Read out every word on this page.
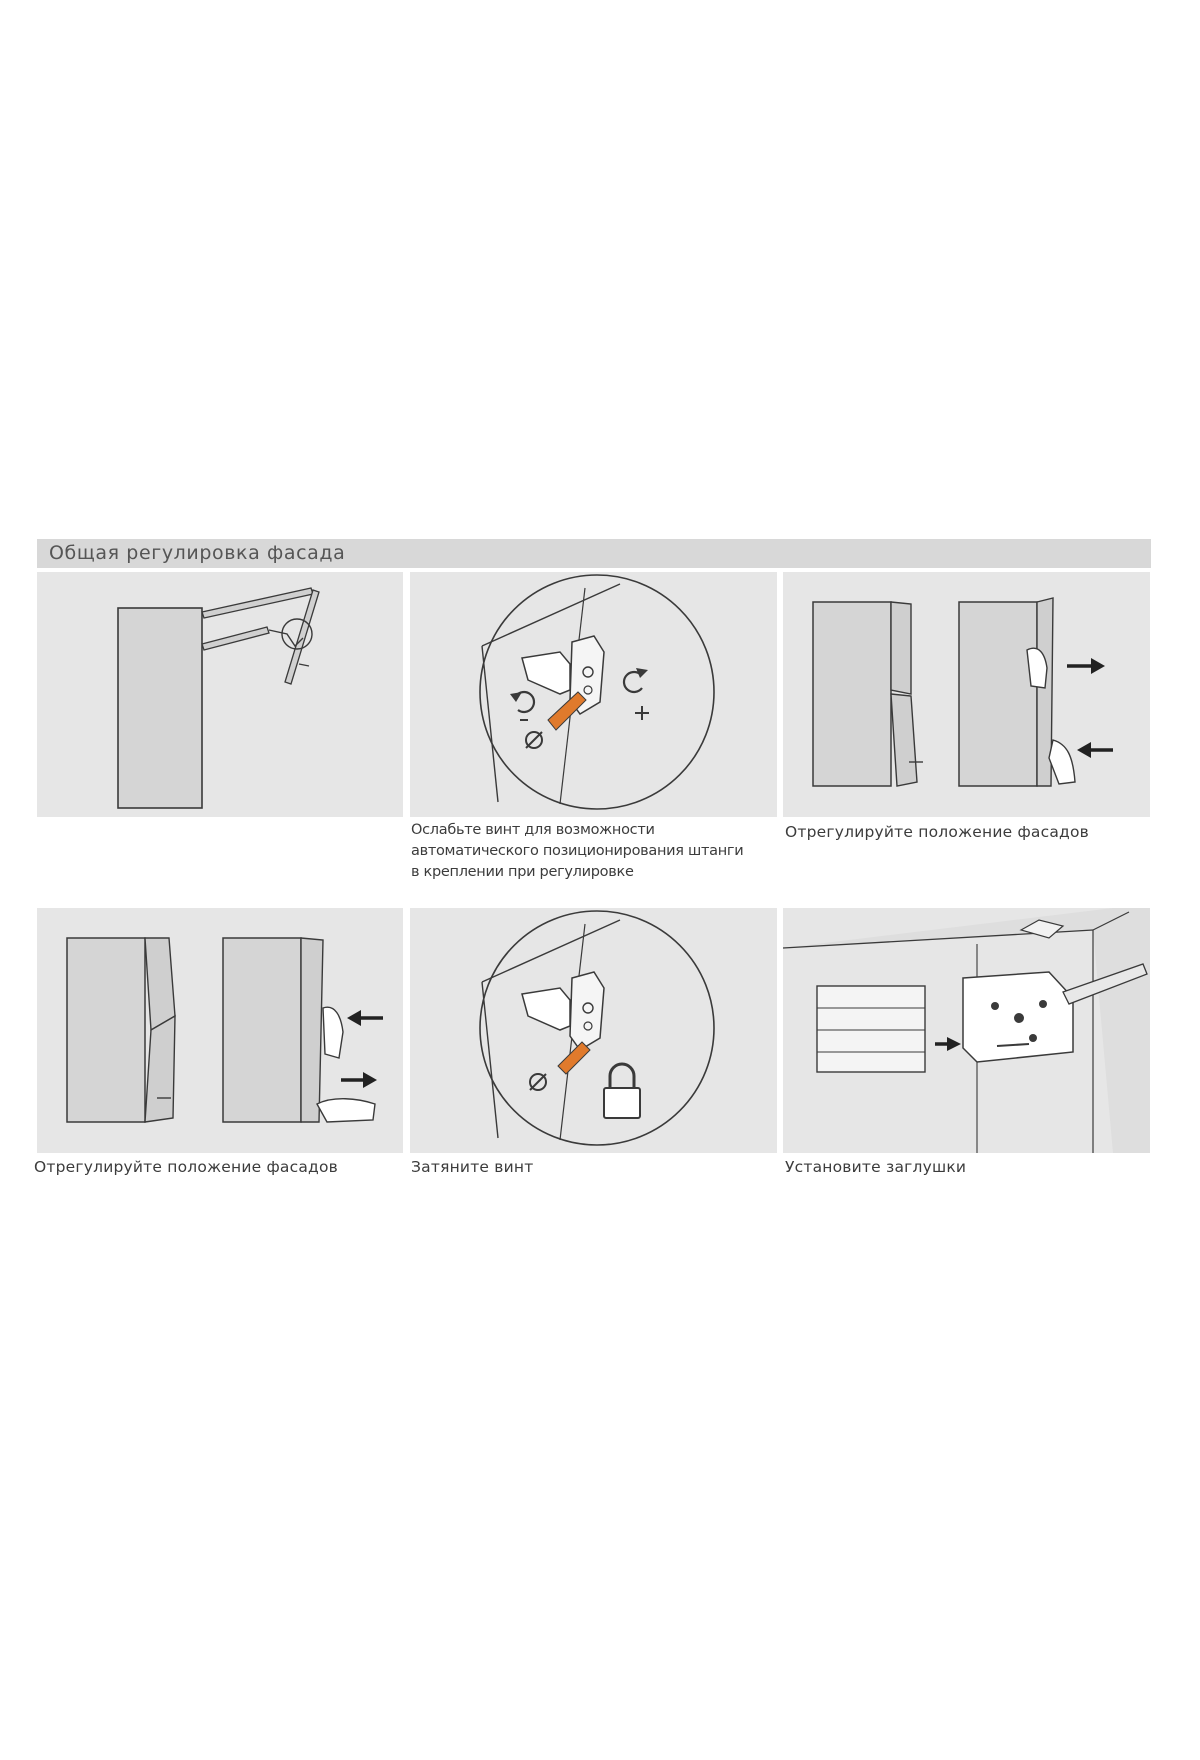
Общая регулировка фасада
Ослабьте винт для возможности
автоматического позиционирования штанги
в креплении при регулировке
Отрегулируйте положение фасадов
Отрегулируйте положение фасадов	Затяните винт	Установите заглушки
